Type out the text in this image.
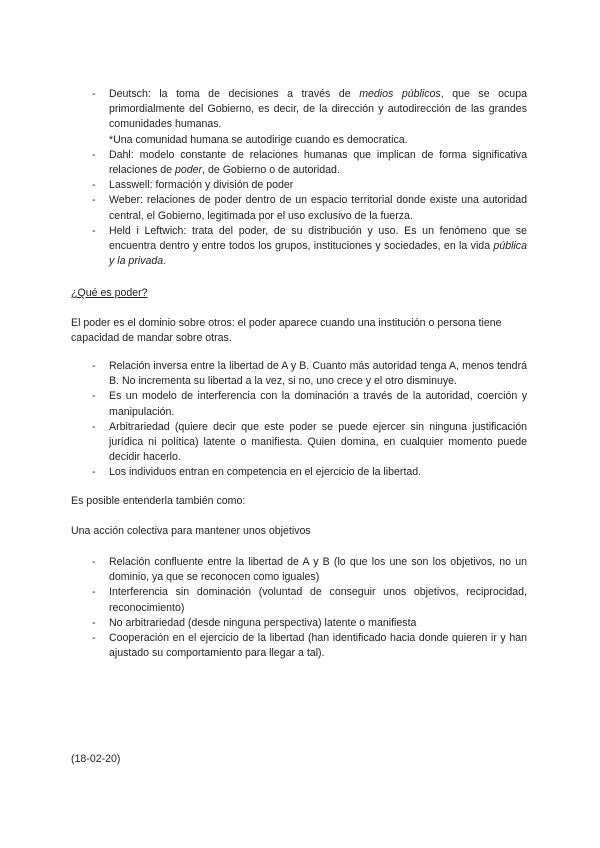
- Deutsch: la toma de decisiones a través de medios públicos, que se ocupa primordialmente del Gobierno, es decir, de la dirección y autodirección de las grandes comunidades humanas.
*Una comunidad humana se autodirige cuando es democratica.
- Dahl: modelo constante de relaciones humanas que implican de forma significativa relaciones de poder, de Gobierno o de autoridad.
- Lasswell: formación y división de poder
- Weber: relaciones de poder dentro de un espacio territorial donde existe una autoridad central, el Gobierno, legitimada por el uso exclusivo de la fuerza.
- Held i Leftwich: trata del poder, de su distribución y uso. Es un fenómeno que se encuentra dentro y entre todos los grupos, instituciones y sociedades, en la vida pública y la privada.

¿Qué es poder?

El poder es el dominio sobre otros: el poder aparece cuando una institución o persona tiene capacidad de mandar sobre otras.

- Relación inversa entre la libertad de A y B. Cuanto más autoridad tenga A, menos tendrá B. No incrementa su libertad a la vez, si no, uno crece y el otro disminuye.
- Es un modelo de interferencia con la dominación a través de la autoridad, coerción y manipulación.
- Arbitrariedad (quiere decir que este poder se puede ejercer sin ninguna justificación jurídica ni política) latente o manifiesta. Quien domina, en cualquier momento puede decidir hacerlo.
- Los individuos entran en competencia en el ejercicio de la libertad.

Es posible entenderla también como:

Una acción colectiva para mantener unos objetivos

- Relación confluente entre la libertad de A y B (lo que los une son los objetivos, no un dominio, ya que se reconocen como iguales)
- Interferencia sin dominación (voluntad de conseguir unos objetivos, reciprocidad, reconocimiento)
- No arbitrariedad (desde ninguna perspectiva) latente o manifiesta
- Cooperación en el ejercicio de la libertad (han identificado hacia donde quieren ir y han ajustado su comportamiento para llegar a tal).

(18-02-20)
